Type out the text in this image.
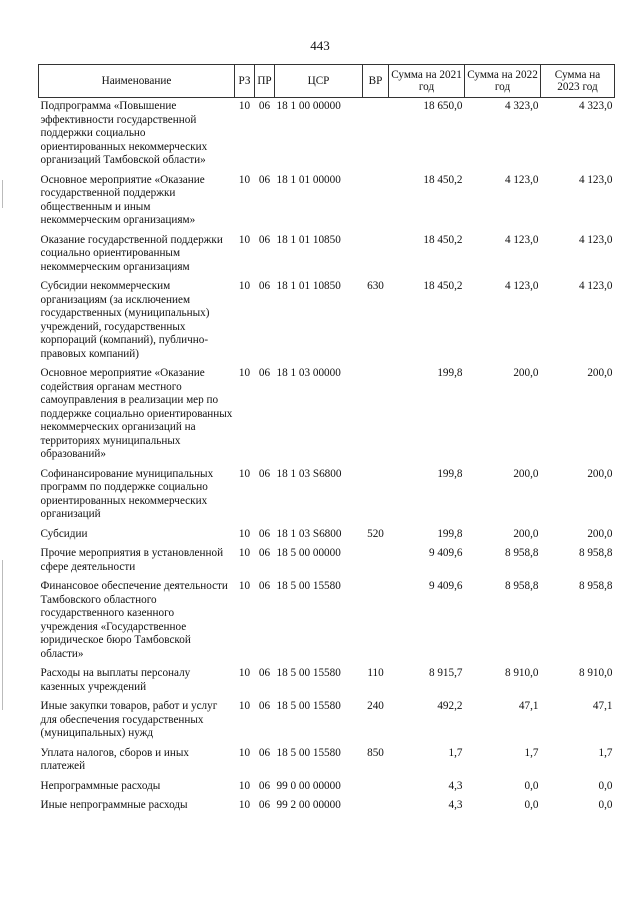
443
Наименование	РЗ	ПР	ЦСР	ВР	Сумма на 2021 год	Сумма на 2022 год	Сумма на 2023 год
Подпрограмма «Повышение эффективности государственной поддержки социально ориентированных некоммерческих организаций Тамбовской области»	10	06	18 1 00 00000		18 650,0	4 323,0	4 323,0
Основное мероприятие «Оказание государственной поддержки общественным и иным некоммерческим организациям»	10	06	18 1 01 00000		18 450,2	4 123,0	4 123,0
Оказание государственной поддержки социально ориентированным некоммерческим организациям	10	06	18 1 01 10850		18 450,2	4 123,0	4 123,0
Субсидии некоммерческим организациям (за исключением государственных (муниципальных) учреждений, государственных корпораций (компаний), публично-правовых компаний)	10	06	18 1 01 10850	630	18 450,2	4 123,0	4 123,0
Основное мероприятие «Оказание содействия органам местного самоуправления в реализации мер по поддержке социально ориентированных некоммерческих организаций на территориях муниципальных образований»	10	06	18 1 03 00000		199,8	200,0	200,0
Софинансирование муниципальных программ по поддержке социально ориентированных некоммерческих организаций	10	06	18 1 03 S6800		199,8	200,0	200,0
Субсидии	10	06	18 1 03 S6800	520	199,8	200,0	200,0
Прочие мероприятия в установленной сфере деятельности	10	06	18 5 00 00000		9 409,6	8 958,8	8 958,8
Финансовое обеспечение деятельности Тамбовского областного государственного казенного учреждения «Государственное юридическое бюро Тамбовской области»	10	06	18 5 00 15580		9 409,6	8 958,8	8 958,8
Расходы на выплаты персоналу казенных учреждений	10	06	18 5 00 15580	110	8 915,7	8 910,0	8 910,0
Иные закупки товаров, работ и услуг для обеспечения государственных (муниципальных) нужд	10	06	18 5 00 15580	240	492,2	47,1	47,1
Уплата налогов, сборов и иных платежей	10	06	18 5 00 15580	850	1,7	1,7	1,7
Непрограммные расходы	10	06	99 0 00 00000		4,3	0,0	0,0
Иные непрограммные расходы	10	06	99 2 00 00000		4,3	0,0	0,0
